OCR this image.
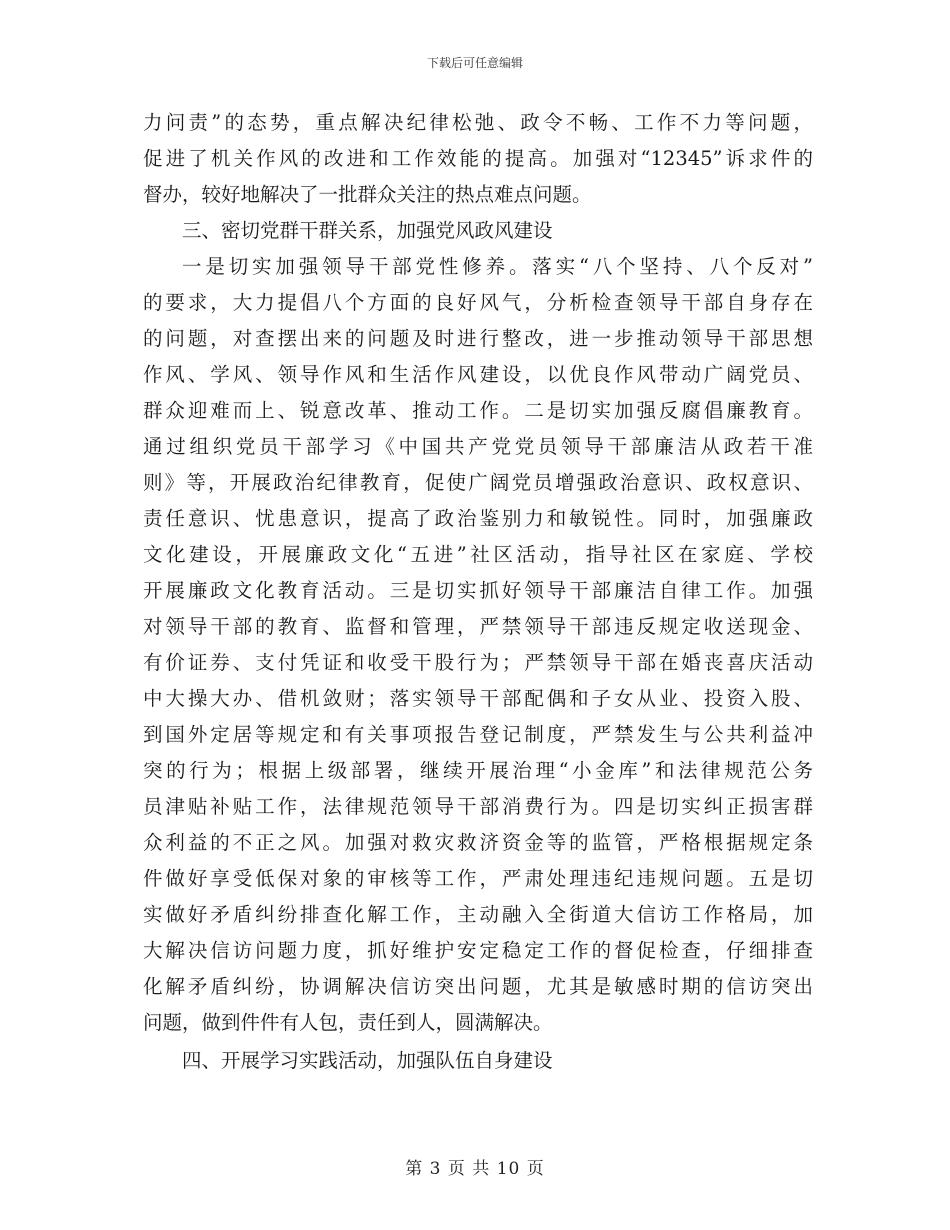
下载后可任意编辑
力问责”的态势，重点解决纪律松弛、政令不畅、工作不力等问题，
促进了机关作风的改进和工作效能的提高。加强对“12345”诉求件的
督办，较好地解决了一批群众关注的热点难点问题。
三、密切党群干群关系，加强党风政风建设
一是切实加强领导干部党性修养。落实“八个坚持、八个反对”
的要求，大力提倡八个方面的良好风气，分析检查领导干部自身存在
的问题，对查摆出来的问题及时进行整改，进一步推动领导干部思想
作风、学风、领导作风和生活作风建设，以优良作风带动广阔党员、
群众迎难而上、锐意改革、推动工作。二是切实加强反腐倡廉教育。
通过组织党员干部学习《中国共产党党员领导干部廉洁从政若干准
则》等，开展政治纪律教育，促使广阔党员增强政治意识、政权意识、
责任意识、忧患意识，提高了政治鉴别力和敏锐性。同时，加强廉政
文化建设，开展廉政文化“五进”社区活动，指导社区在家庭、学校
开展廉政文化教育活动。三是切实抓好领导干部廉洁自律工作。加强
对领导干部的教育、监督和管理，严禁领导干部违反规定收送现金、
有价证券、支付凭证和收受干股行为；严禁领导干部在婚丧喜庆活动
中大操大办、借机敛财；落实领导干部配偶和子女从业、投资入股、
到国外定居等规定和有关事项报告登记制度，严禁发生与公共利益冲
突的行为；根据上级部署，继续开展治理“小金库”和法律规范公务
员津贴补贴工作，法律规范领导干部消费行为。四是切实纠正损害群
众利益的不正之风。加强对救灾救济资金等的监管，严格根据规定条
件做好享受低保对象的审核等工作，严肃处理违纪违规问题。五是切
实做好矛盾纠纷排查化解工作，主动融入全街道大信访工作格局，加
大解决信访问题力度，抓好维护安定稳定工作的督促检查，仔细排查
化解矛盾纠纷，协调解决信访突出问题，尤其是敏感时期的信访突出
问题，做到件件有人包，责任到人，圆满解决。
四、开展学习实践活动，加强队伍自身建设
第 3 页 共 10 页
